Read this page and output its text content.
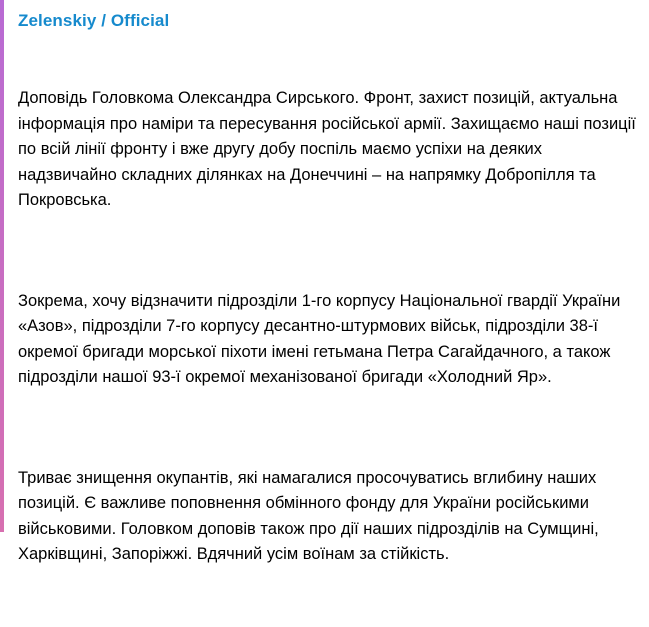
Zelenskiy / Official

Доповідь Головкома Олександра Сирського. Фронт, захист позицій, актуальна інформація про наміри та пересування російської армії. Захищаємо наші позиції по всій лінії фронту і вже другу добу поспіль маємо успіхи на деяких надзвичайно складних ділянках на Донеччині – на напрямку Добропілля та Покровська.

Зокрема, хочу відзначити підрозділи 1-го корпусу Національної гвардії України «Азов», підрозділи 7-го корпусу десантно-штурмових військ, підрозділи 38-ї окремої бригади морської піхоти імені гетьмана Петра Сагайдачного, а також підрозділи нашої 93-ї окремої механізованої бригади «Холодний Яр».

Триває знищення окупантів, які намагалися просочуватись вглибину наших позицій. Є важливе поповнення обмінного фонду для України російськими військовими. Головком доповів також про дії наших підрозділів на Сумщині, Харківщині, Запоріжжі. Вдячний усім воїнам за стійкість.
